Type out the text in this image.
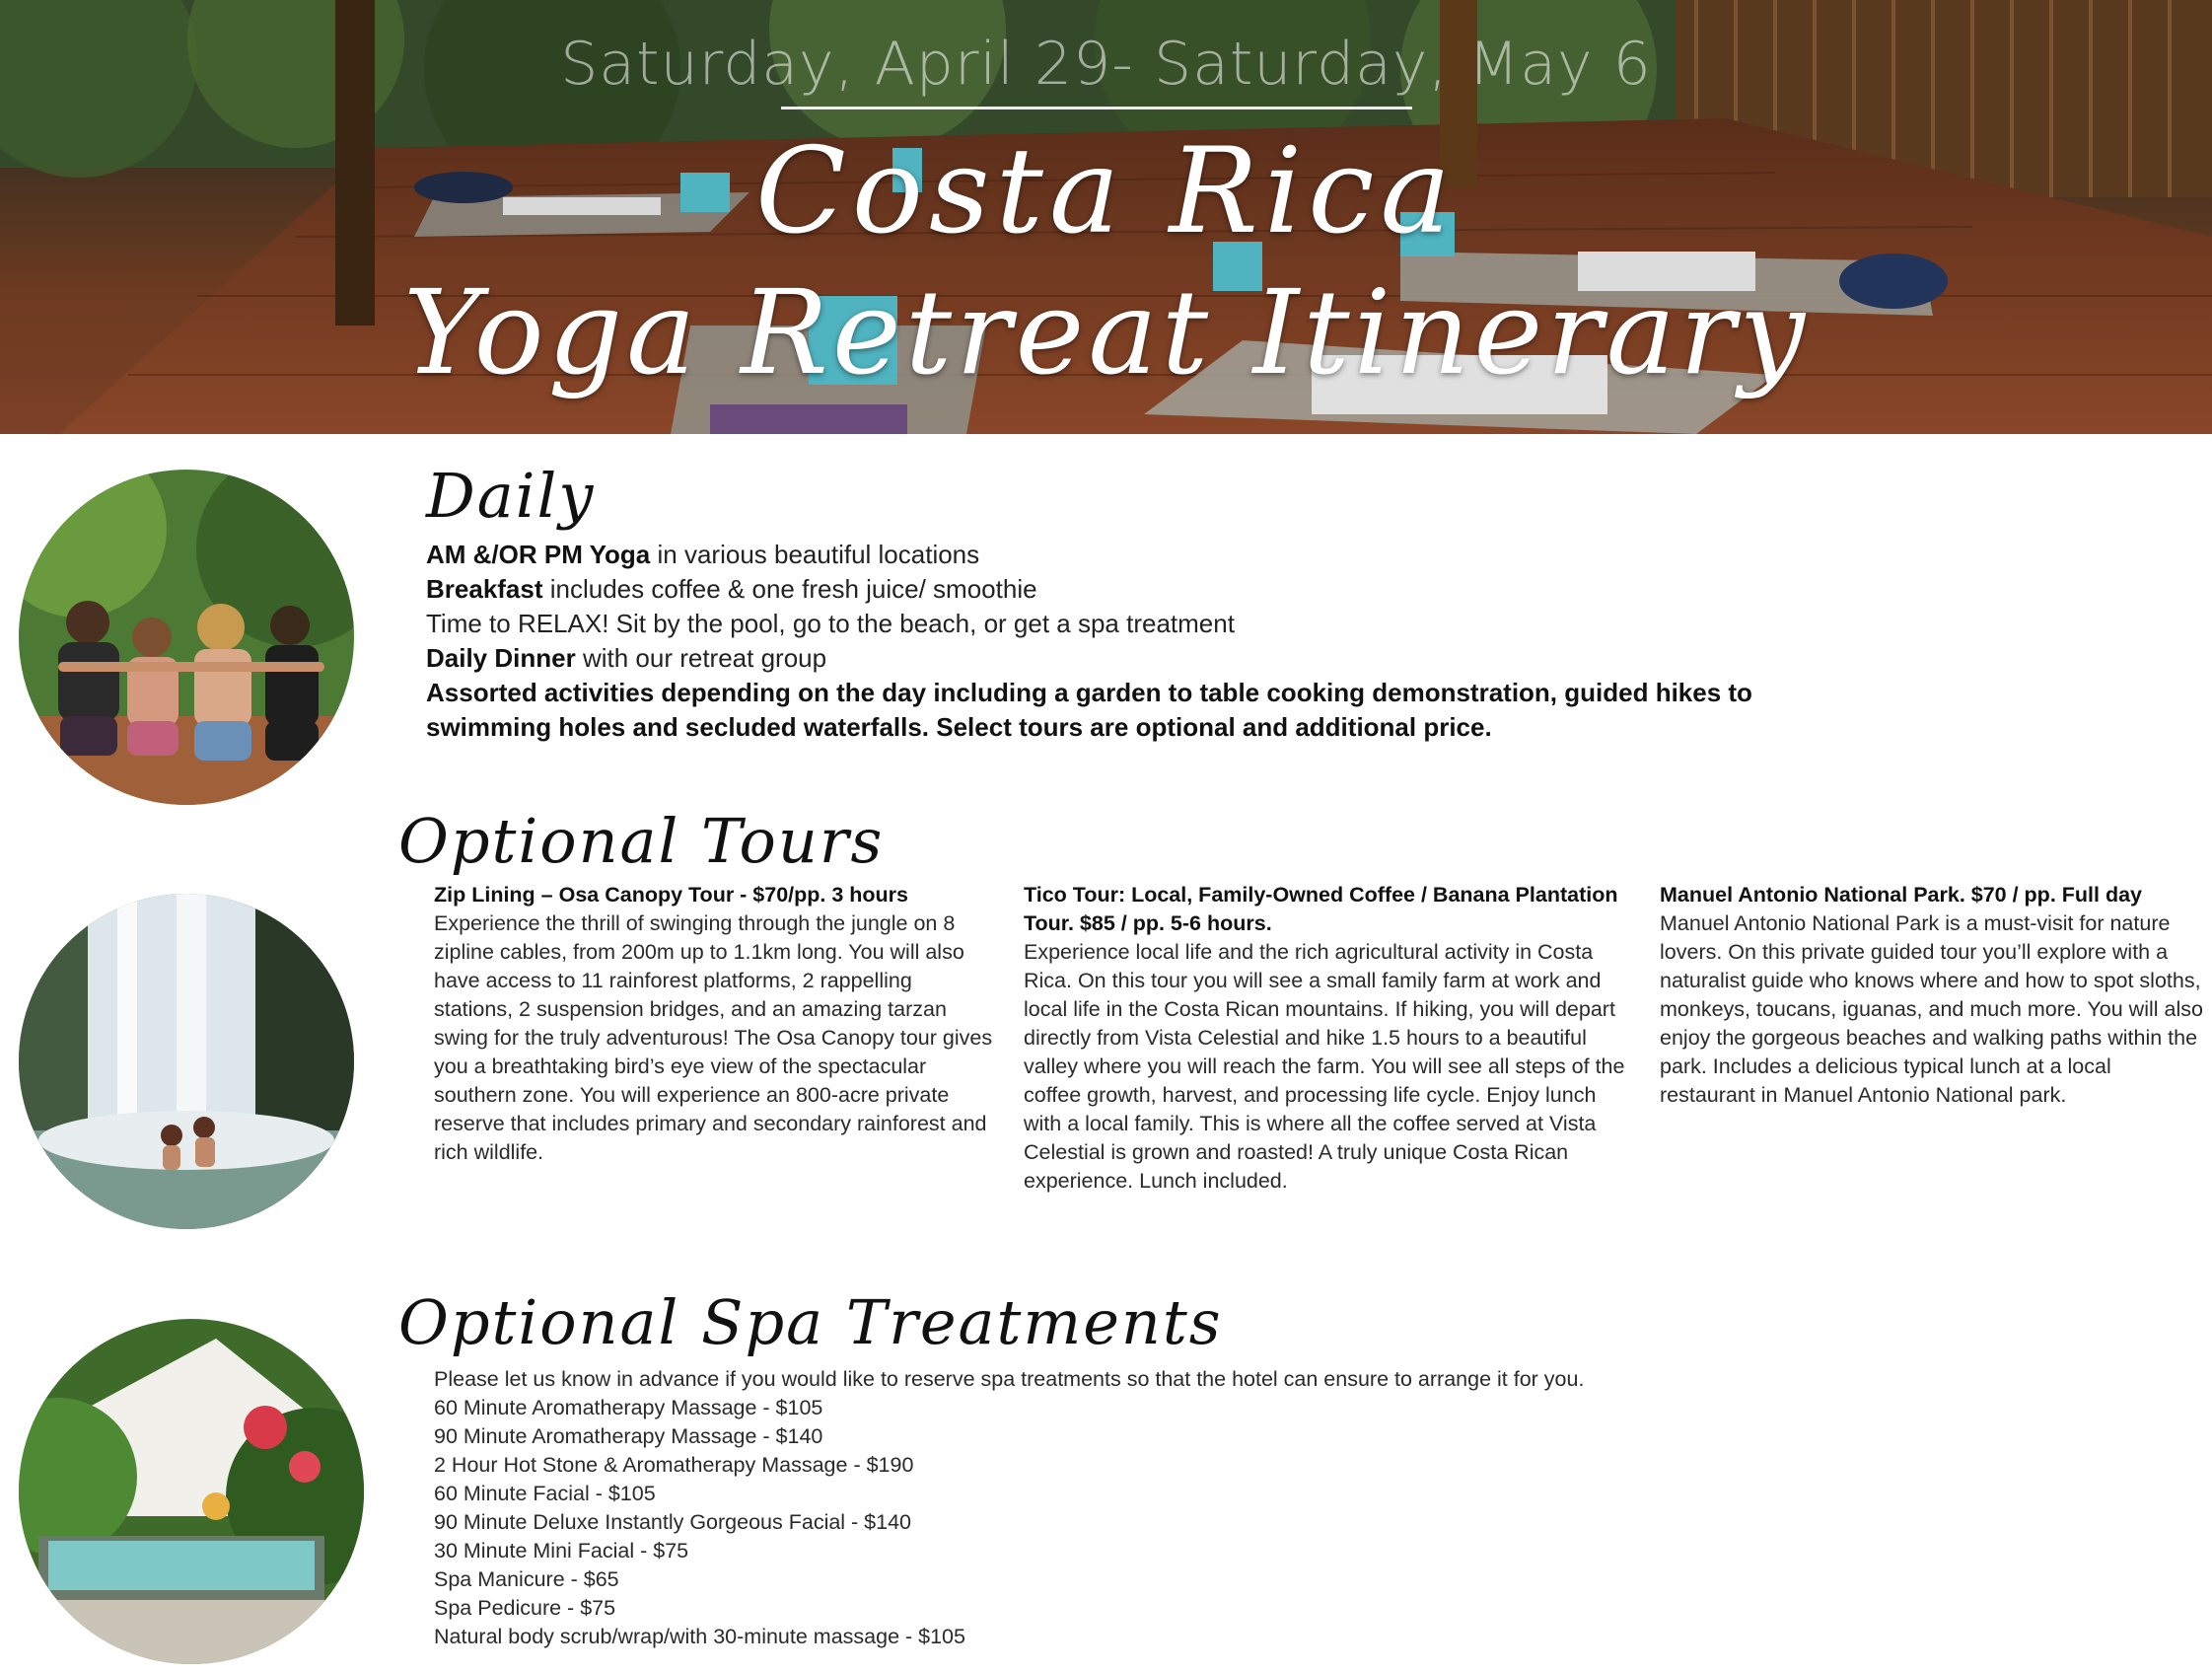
Saturday, April 29- Saturday, May 6
Costa Rica
Yoga Retreat Itinerary
Daily

AM &/OR PM Yoga in various beautiful locations

Breakfast includes coffee & one fresh juice/ smoothie

Time to RELAX! Sit by the pool, go to the beach, or get a spa treatment

Daily Dinner with our retreat group

Assorted activities depending on the day including a garden to table cooking demonstration, guided hikes to swimming holes and secluded waterfalls. Select tours are optional and additional price.

Optional Tours
Zip Lining – Osa Canopy Tour - $70/pp. 3 hours
Experience the thrill of swinging through the jungle on 8 zipline cables, from 200m up to 1.1km long. You will also have access to 11 rainforest platforms, 2 rappelling stations, 2 suspension bridges, and an amazing tarzan swing for the truly adventurous! The Osa Canopy tour gives you a breathtaking bird’s eye view of the spectacular southern zone. You will experience an 800-acre private reserve that includes primary and secondary rainforest and rich wildlife.
Tico Tour: Local, Family-Owned Coffee / Banana Plantation Tour. $85 / pp. 5-6 hours.
Experience local life and the rich agricultural activity in Costa Rica. On this tour you will see a small family farm at work and local life in the Costa Rican mountains. If hiking, you will depart directly from Vista Celestial and hike 1.5 hours to a beautiful valley where you will reach the farm. You will see all steps of the coffee growth, harvest, and processing life cycle. Enjoy lunch with a local family. This is where all the coffee served at Vista Celestial is grown and roasted! A truly unique Costa Rican experience. Lunch included.
Manuel Antonio National Park. $70 / pp. Full day
Manuel Antonio National Park is a must-visit for nature lovers. On this private guided tour you’ll explore with a naturalist guide who knows where and how to spot sloths, monkeys, toucans, iguanas, and much more. You will also enjoy the gorgeous beaches and walking paths within the park. Includes a delicious typical lunch at a local restaurant in Manuel Antonio National park.
Optional Spa Treatments

Please let us know in advance if you would like to reserve spa treatments so that the hotel can ensure to arrange it for you.

60 Minute Aromatherapy Massage - $105

90 Minute Aromatherapy Massage - $140

2 Hour Hot Stone & Aromatherapy Massage - $190

60 Minute Facial - $105

90 Minute Deluxe Instantly Gorgeous Facial - $140

30 Minute Mini Facial - $75

Spa Manicure - $65

Spa Pedicure - $75

Natural body scrub/wrap/with 30-minute massage - $105
